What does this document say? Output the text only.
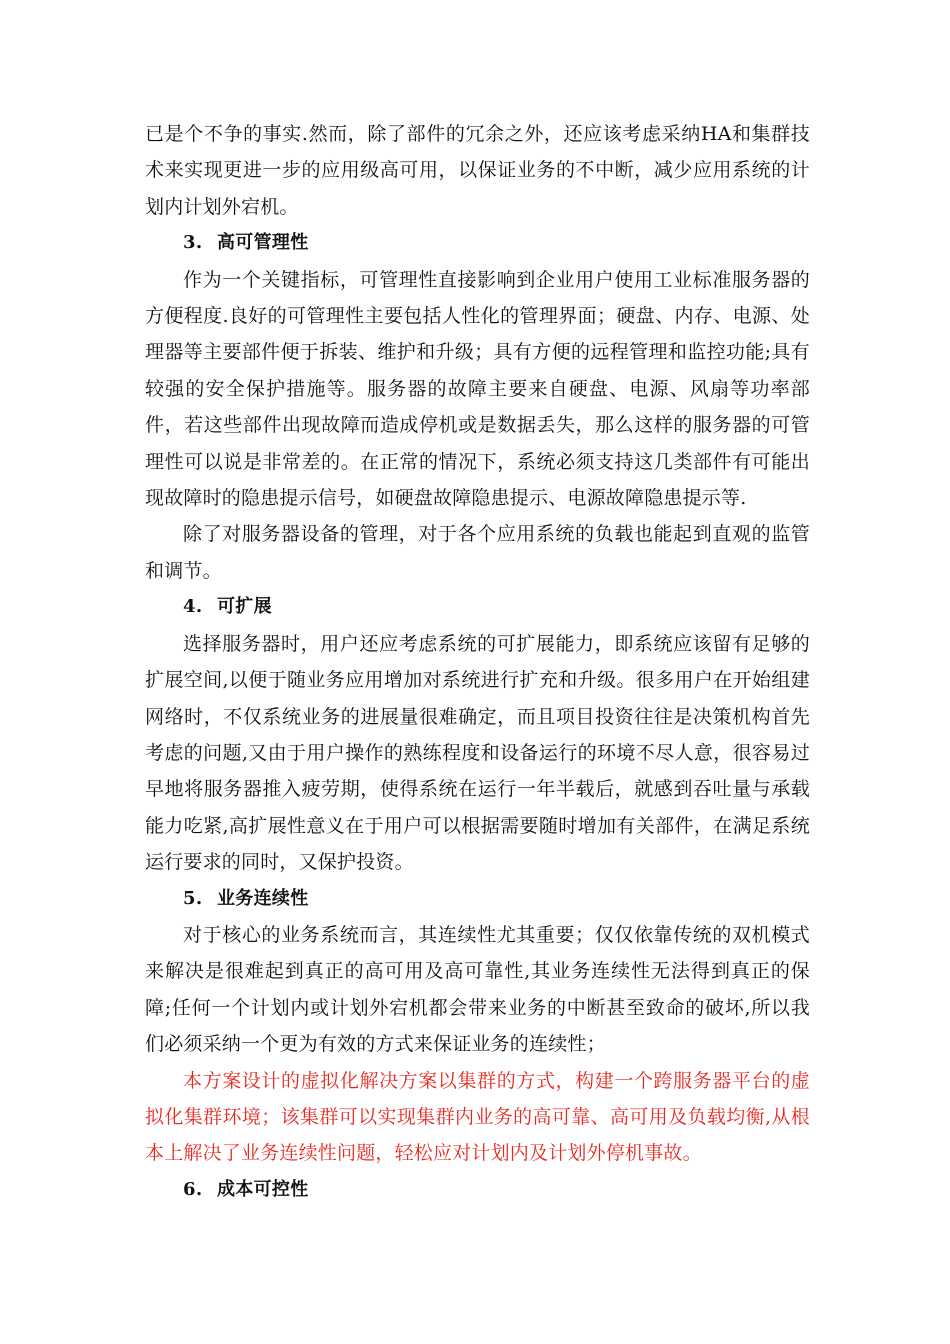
已是个不争的事实.然而，除了部件的冗余之外，还应该考虑采纳HA和集群技术来实现更进一步的应用级高可用，以保证业务的不中断，减少应用系统的计划内计划外宕机。

3. 高可管理性

作为一个关键指标，可管理性直接影响到企业用户使用工业标准服务器的方便程度.良好的可管理性主要包括人性化的管理界面；硬盘、内存、电源、处理器等主要部件便于拆装、维护和升级；具有方便的远程管理和监控功能;具有较强的安全保护措施等。服务器的故障主要来自硬盘、电源、风扇等功率部件，若这些部件出现故障而造成停机或是数据丢失，那么这样的服务器的可管理性可以说是非常差的。在正常的情况下，系统必须支持这几类部件有可能出现故障时的隐患提示信号，如硬盘故障隐患提示、电源故障隐患提示等.

除了对服务器设备的管理，对于各个应用系统的负载也能起到直观的监管和调节。

4. 可扩展

选择服务器时，用户还应考虑系统的可扩展能力，即系统应该留有足够的扩展空间,以便于随业务应用增加对系统进行扩充和升级。很多用户在开始组建网络时，不仅系统业务的进展量很难确定，而且项目投资往往是决策机构首先考虑的问题,又由于用户操作的熟练程度和设备运行的环境不尽人意，很容易过早地将服务器推入疲劳期，使得系统在运行一年半载后，就感到吞吐量与承载能力吃紧,高扩展性意义在于用户可以根据需要随时增加有关部件，在满足系统运行要求的同时，又保护投资。

5. 业务连续性

对于核心的业务系统而言，其连续性尤其重要；仅仅依靠传统的双机模式来解决是很难起到真正的高可用及高可靠性,其业务连续性无法得到真正的保障;任何一个计划内或计划外宕机都会带来业务的中断甚至致命的破坏,所以我们必须采纳一个更为有效的方式来保证业务的连续性；

本方案设计的虚拟化解决方案以集群的方式，构建一个跨服务器平台的虚拟化集群环境；该集群可以实现集群内业务的高可靠、高可用及负载均衡,从根本上解决了业务连续性问题，轻松应对计划内及计划外停机事故。

6. 成本可控性
